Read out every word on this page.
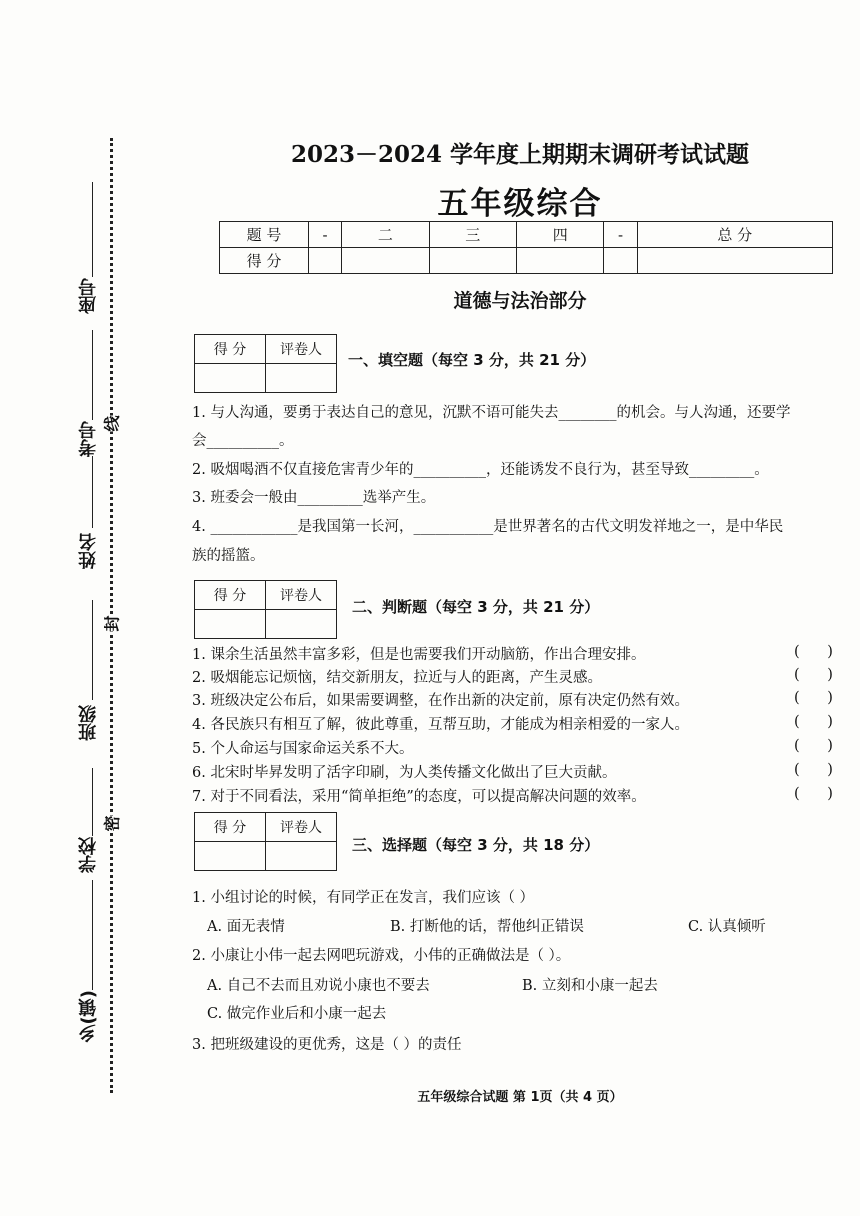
座号
考号
姓名
班级
学校
乡(镇)
线
封
密
2023－2024 学年度上期期末调研考试试题
五年级综合
题 号	-	二	三	四	-	总 分
得 分						
道德与法治部分
得 分	评卷人

一、填空题（每空 3 分，共 21 分）
1. 与人沟通，要勇于表达自己的意见，沉默不语可能失去________的机会。与人沟通，还要学
会__________。
2. 吸烟喝酒不仅直接危害青少年的__________，还能诱发不良行为，甚至导致_________。
3. 班委会一般由_________选举产生。
4. ____________是我国第一长河，___________是世界著名的古代文明发祥地之一，是中华民
族的摇篮。
得 分	评卷人

二、判断题（每空 3 分，共 21 分）
1. 课余生活虽然丰富多彩，但是也需要我们开动脑筋，作出合理安排。	(      )
2. 吸烟能忘记烦恼，结交新朋友，拉近与人的距离，产生灵感。	(      )
3. 班级决定公布后，如果需要调整，在作出新的决定前，原有决定仍然有效。	(      )
4. 各民族只有相互了解，彼此尊重，互帮互助，才能成为相亲相爱的一家人。	(      )
5. 个人命运与国家命运关系不大。	(      )
6. 北宋时毕昇发明了活字印刷，为人类传播文化做出了巨大贡献。	(      )
7. 对于不同看法，采用“简单拒绝”的态度，可以提高解决问题的效率。	(      )
得 分	评卷人

三、选择题（每空 3 分，共 18 分）
1. 小组讨论的时候，有同学正在发言，我们应该（ ）
A. 面无表情	B. 打断他的话，帮他纠正错误	C. 认真倾听
2. 小康让小伟一起去网吧玩游戏，小伟的正确做法是（ ）。
A. 自己不去而且劝说小康也不要去	B. 立刻和小康一起去
C. 做完作业后和小康一起去
3. 把班级建设的更优秀，这是（ ）的责任
五年级综合试题 第 1页（共 4 页）
